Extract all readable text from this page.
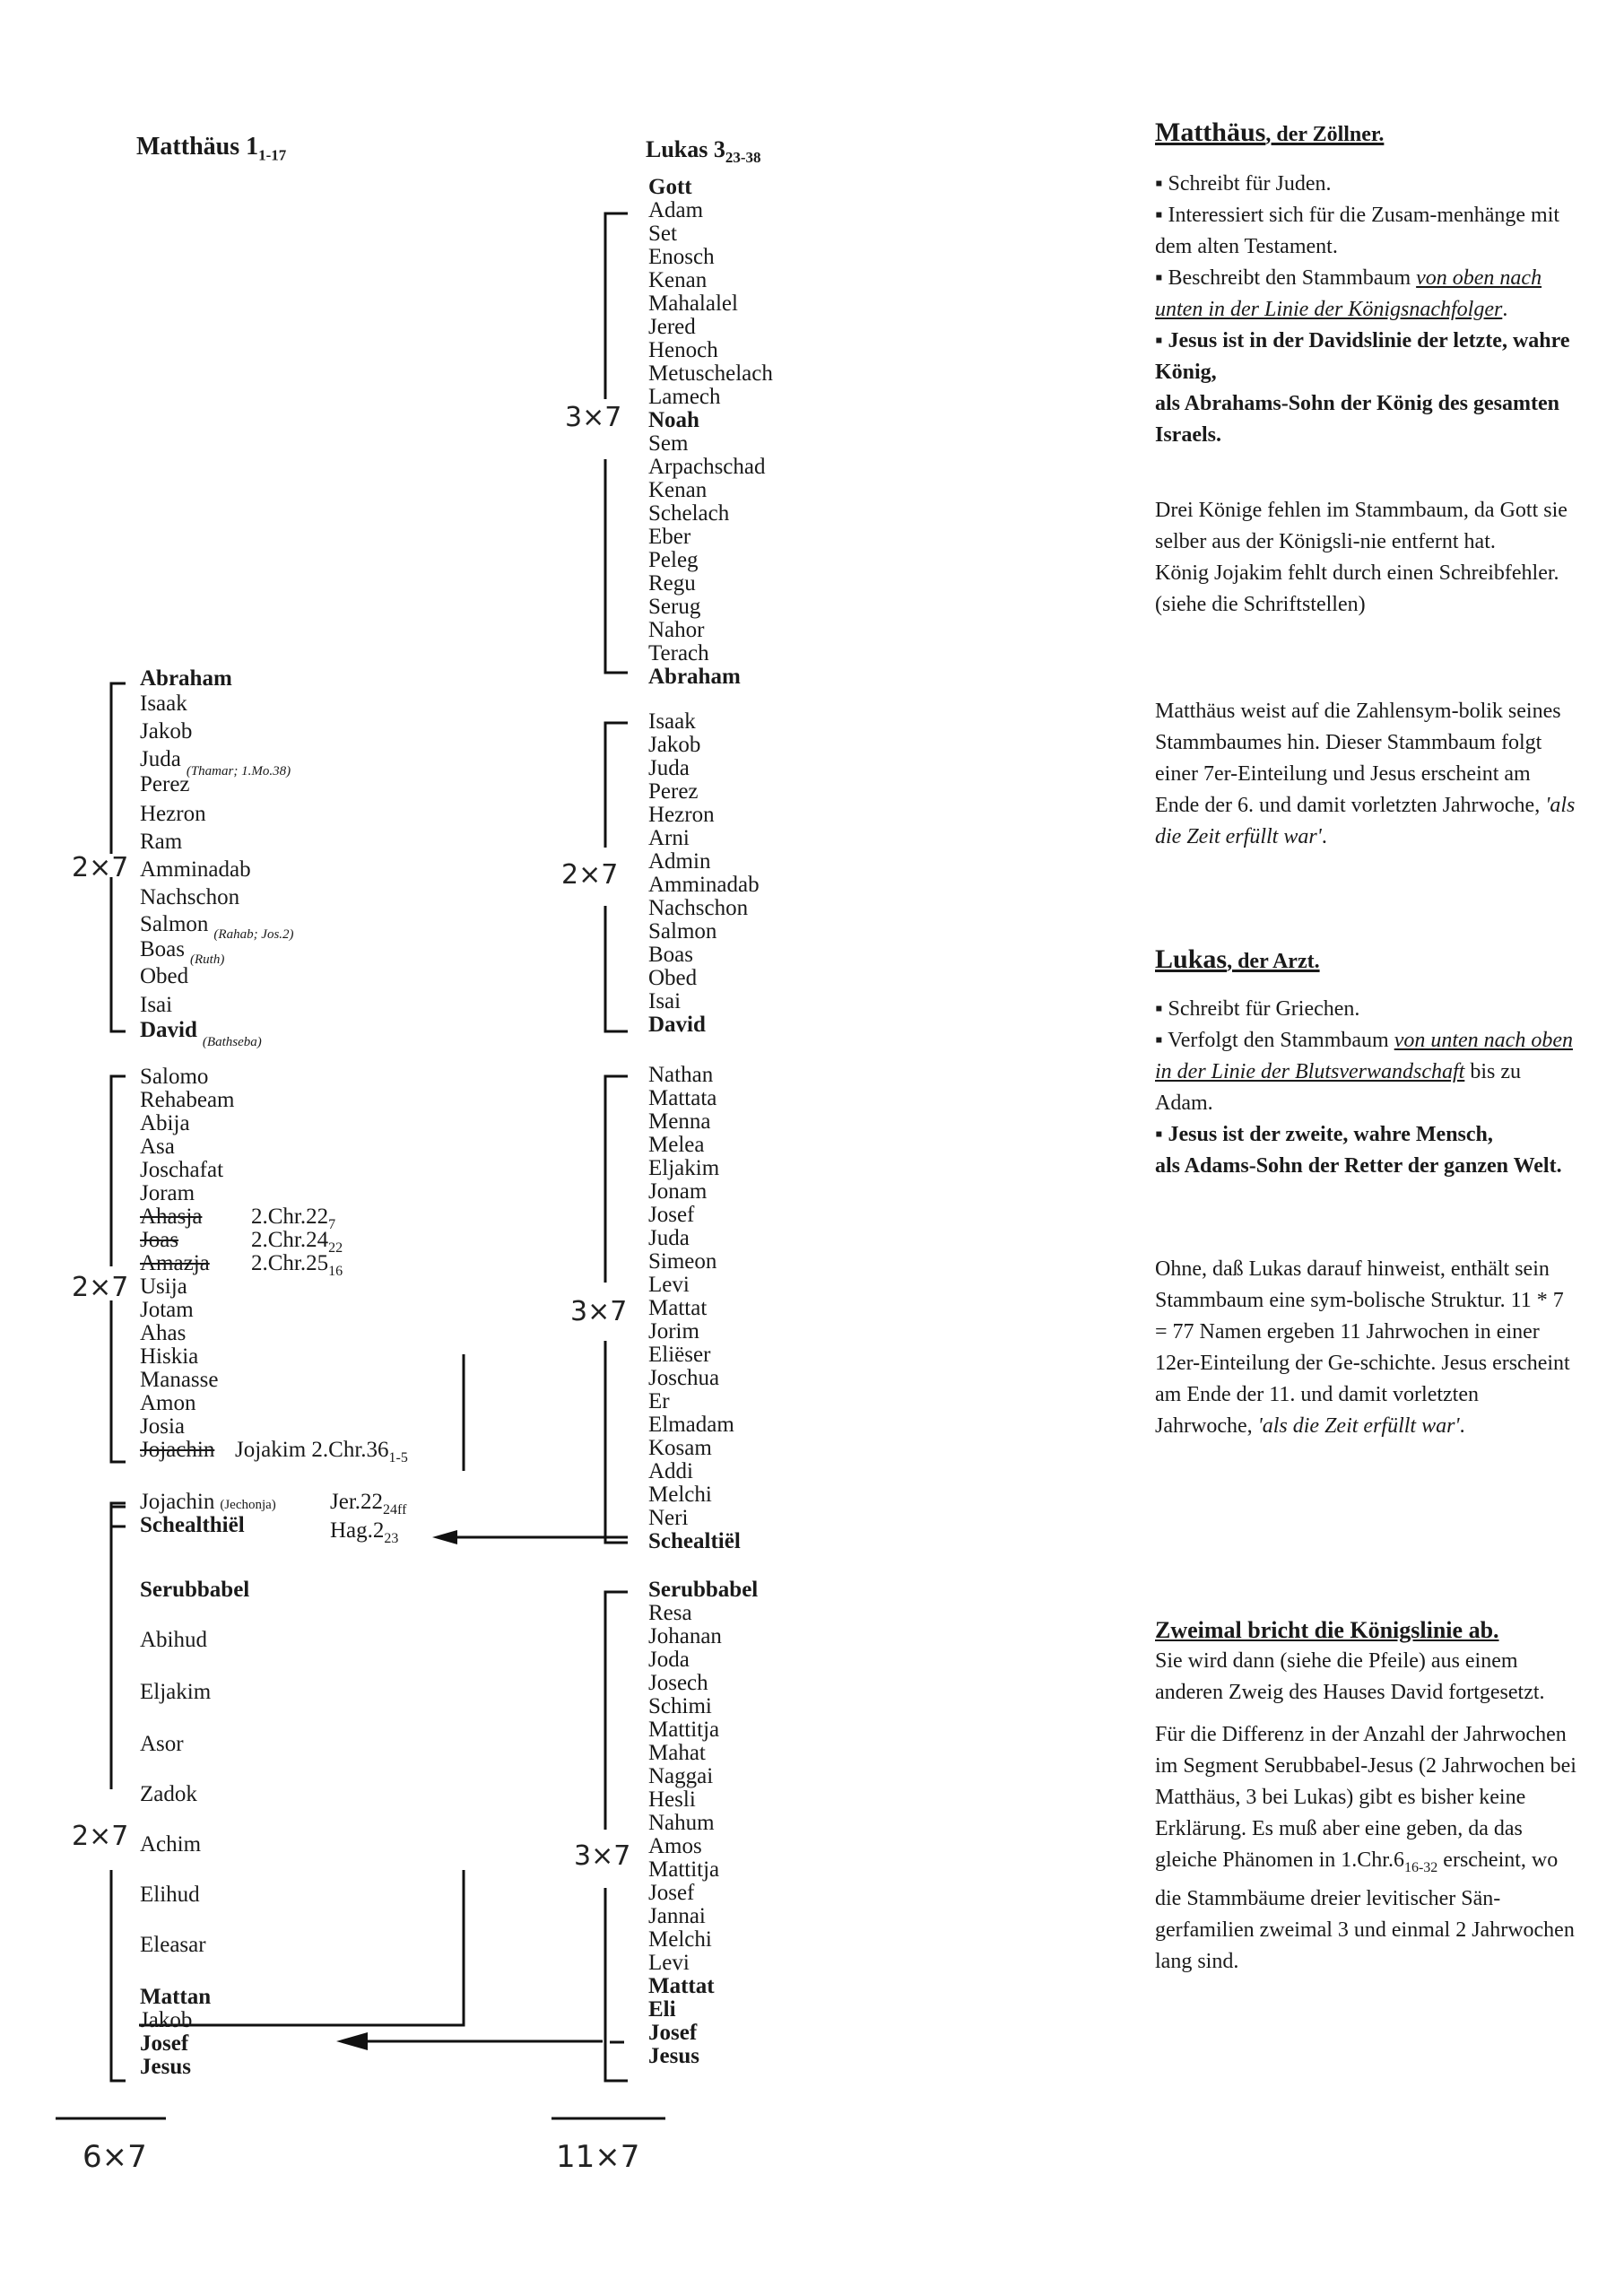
Matthäus $1_{1-17}$	Lukas $3_{23-38}$
Abraham
Isaak
Jakob
Juda $_{(Thamar; 1.Mo.38)}$
Perez
Hezron
Ram
Amminadab
Nachschon
Salmon $_{(Rahab; Jos.2)}$
Boas $_{(Ruth)}$
Obed
Isai
David $_{(Bathseba)}$
2×7
Salomo
Rehabeam
Abija
Asa
Joschafat
Joram
Ahasja
Joas
Amazja
$2.Chr.22_7$
$2.Chr.24_{22}$
$2.Chr.25_{16}$
Usija
Jotam
Ahas
Hiskia
Manasse
Amon
Josia
Jojachin Jojakim $2.Chr.36_{1-5}$
2×7
Jojachin (Jechonja) $Jer.22_{24ff}$
Schealthiël	$Hag.2_{23}$
Serubbabel
Abihud
Eljakim
Asor
Zadok
Achim
Elihud
Eleasar
Mattan
Jakob
Josef
Jesus
2×7
6×7
Gott
Adam
Set
Enosch
Kenan
Mahalalel
Jered
Henoch
Metuschelach
Lamech
Noah
Sem
Arpachschad
Kenan
Schelach
Eber
Peleg
Regu
Serug
Nahor
Terach
Abraham
3×7
Isaak
Jakob
Juda
Perez
Hezron
Arni
Admin
Amminadab
Nachschon
Salmon
Boas
Obed
Isai
David
2×7
Nathan
Mattata
Menna
Melea
Eljakim
Jonam
Josef
Juda
Simeon
Levi
Mattat
Jorim
Eliëser
Joschua
Er
Elmadam
Kosam
Addi
Melchi
Neri
Schealtiël
3×7
Serubbabel
Resa
Johanan
Joda
Josech
Schimi
Mattitja
Mahat
Naggai
Hesli
Nahum
Amos
Mattitja
Josef
Jannai
Melchi
Levi
Mattat
Eli
Josef
Jesus
3×7
11×7
Matthäus, der Zöllner.
▪ Schreibt für Juden.
▪ Interessiert sich für die Zusam-menhänge mit dem alten Testament.
▪ Beschreibt den Stammbaum von oben nach unten in der Linie der Königsnachfolger.
▪ Jesus ist in der Davidslinie der letzte, wahre König,
als Abrahams-Sohn der König des gesamten Israels.
Drei Könige fehlen im Stammbaum, da Gott sie selber aus der Königsli-nie entfernt hat.
König Jojakim fehlt durch einen Schreibfehler.
(siehe die Schriftstellen)
Matthäus weist auf die Zahlensym-bolik seines Stammbaumes hin. Dieser Stammbaum folgt einer 7er-Einteilung und Jesus erscheint am Ende der 6. und damit vorletzten Jahrwoche, 'als die Zeit erfüllt war'.
Lukas, der Arzt.
▪ Schreibt für Griechen.
▪ Verfolgt den Stammbaum von unten nach oben in der Linie der Blutsverwandschaft bis zu Adam.
▪ Jesus ist der zweite, wahre Mensch,
als Adams-Sohn der Retter der ganzen Welt.
Ohne, daß Lukas darauf hinweist, enthält sein Stammbaum eine sym-bolische Struktur. 11 * 7 = 77 Namen ergeben 11 Jahrwochen in einer 12er-Einteilung der Ge-schichte. Jesus erscheint am Ende der 11. und damit vorletzten Jahrwoche, 'als die Zeit erfüllt war'.
Zweimal bricht die Königslinie ab.
Sie wird dann (siehe die Pfeile) aus einem anderen Zweig des Hauses David fortgesetzt.
Für die Differenz in der Anzahl der Jahrwochen im Segment Serubbabel-Jesus (2 Jahrwochen bei Matthäus, 3 bei Lukas) gibt es bisher keine Erklärung. Es muß aber eine geben, da das gleiche Phänomen in $1.Chr.6_{16-32}$ erscheint, wo die Stammbäume dreier levitischer Sän-gerfamilien zweimal 3 und einmal 2 Jahrwochen lang sind.
